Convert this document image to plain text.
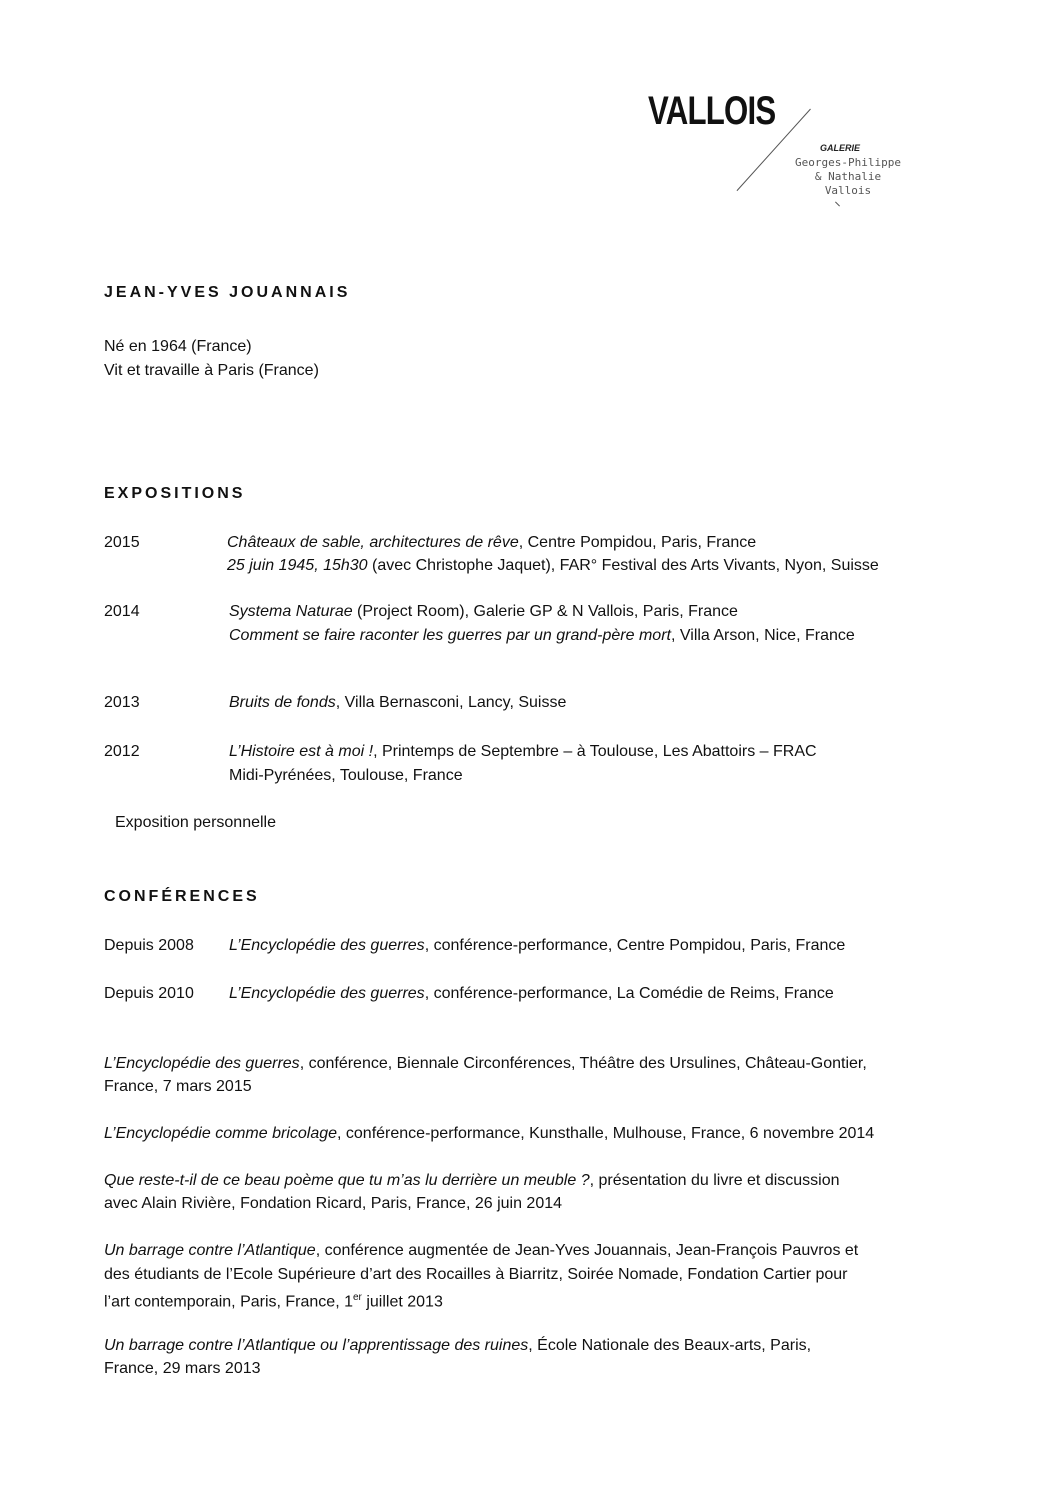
VALLOIS
GALERIE
Georges-Philippe
& Nathalie
Vallois
JEAN-YVES JOUANNAIS
Né en 1964 (France)
Vit et travaille à Paris (France)
EXPOSITIONS
2015	Châteaux de sable, architectures de rêve, Centre Pompidou, Paris, France
25 juin 1945, 15h30 (avec Christophe Jaquet), FAR° Festival des Arts Vivants, Nyon, Suisse
2014	Systema Naturae (Project Room), Galerie GP & N Vallois, Paris, France
Comment se faire raconter les guerres par un grand-père mort, Villa Arson, Nice, France
2013	Bruits de fonds, Villa Bernasconi, Lancy, Suisse
2012	L’Histoire est à moi !, Printemps de Septembre – à Toulouse, Les Abattoirs – FRAC
Midi-Pyrénées, Toulouse, France
Exposition personnelle
CONFÉRENCES
Depuis 2008 L’Encyclopédie des guerres, conférence-performance, Centre Pompidou, Paris, France
Depuis 2010 L’Encyclopédie des guerres, conférence-performance, La Comédie de Reims, France
L’Encyclopédie des guerres, conférence, Biennale Circonférences, Théâtre des Ursulines, Château-Gontier,
France, 7 mars 2015
L’Encyclopédie comme bricolage, conférence-performance, Kunsthalle, Mulhouse, France, 6 novembre 2014
Que reste-t-il de ce beau poème que tu m’as lu derrière un meuble ?, présentation du livre et discussion
avec Alain Rivière, Fondation Ricard, Paris, France, 26 juin 2014
Un barrage contre l’Atlantique, conférence augmentée de Jean-Yves Jouannais, Jean-François Pauvros et
des étudiants de l’Ecole Supérieure d’art des Rocailles à Biarritz, Soirée Nomade, Fondation Cartier pour
l’art contemporain, Paris, France, 1er juillet 2013
Un barrage contre l’Atlantique ou l’apprentissage des ruines, École Nationale des Beaux-arts, Paris,
France, 29 mars 2013
